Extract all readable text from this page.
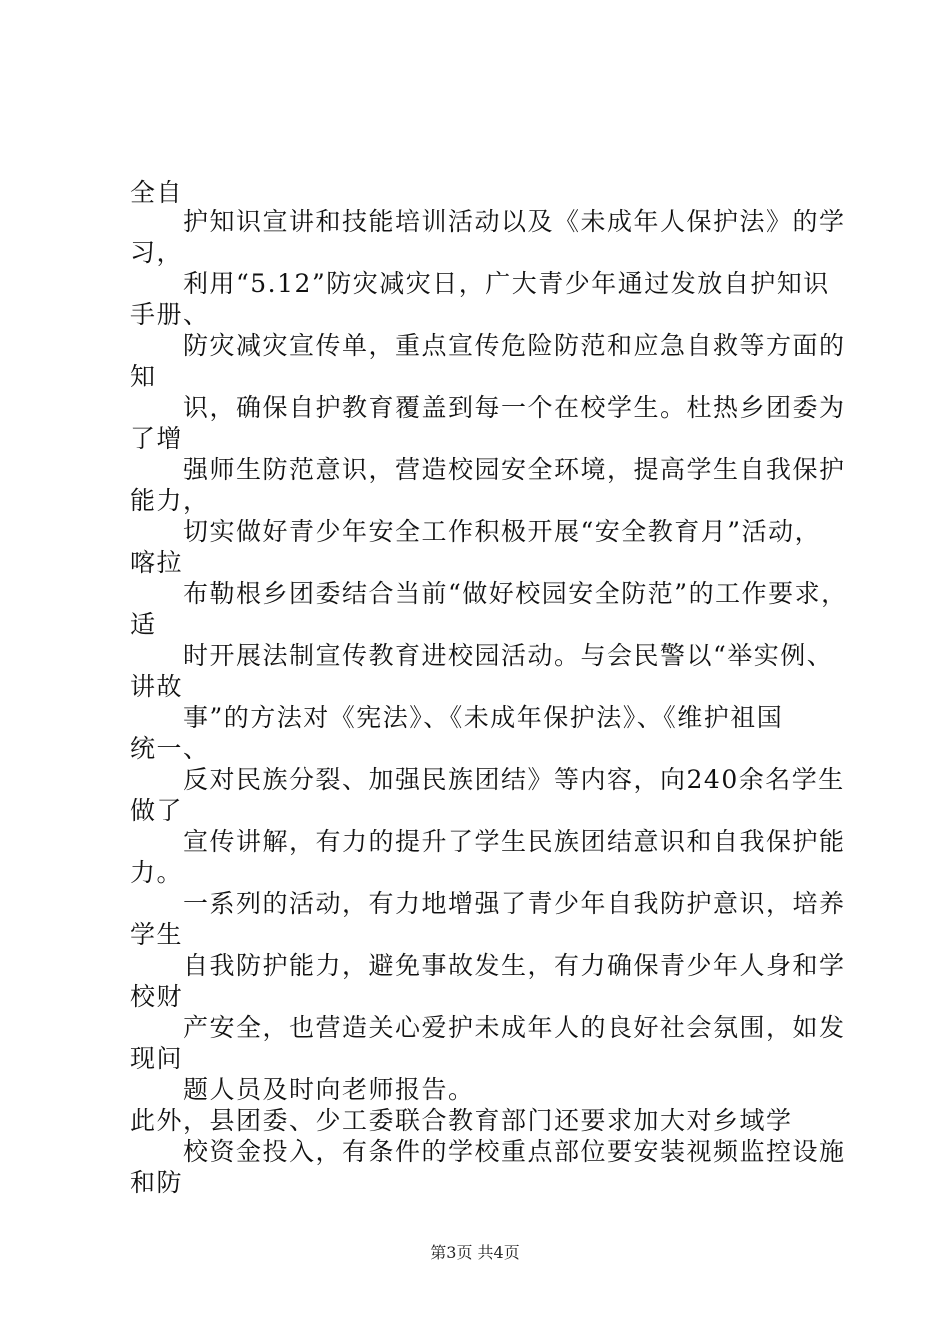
全自
护知识宣讲和技能培训活动以及《未成年人保护法》的学
习，
利用“5.12”防灾减灾日，广大青少年通过发放自护知识
手册、
防灾减灾宣传单，重点宣传危险防范和应急自救等方面的
知
识，确保自护教育覆盖到每一个在校学生。杜热乡团委为
了增
强师生防范意识，营造校园安全环境，提高学生自我保护
能力，
切实做好青少年安全工作积极开展“安全教育月”活动，
喀拉
布勒根乡团委结合当前“做好校园安全防范”的工作要求，
适
时开展法制宣传教育进校园活动。与会民警以“举实例、
讲故
事”的方法对《宪法》、《未成年保护法》、《维护祖国
统一、
反对民族分裂、加强民族团结》等内容，向240余名学生
做了
宣传讲解，有力的提升了学生民族团结意识和自我保护能
力。
一系列的活动，有力地增强了青少年自我防护意识，培养
学生
自我防护能力，避免事故发生，有力确保青少年人身和学
校财
产安全，也营造关心爱护未成年人的良好社会氛围，如发
现问
题人员及时向老师报告。
此外，县团委、少工委联合教育部门还要求加大对乡域学
校资金投入，有条件的学校重点部位要安装视频监控设施
和防
第3页 共4页
